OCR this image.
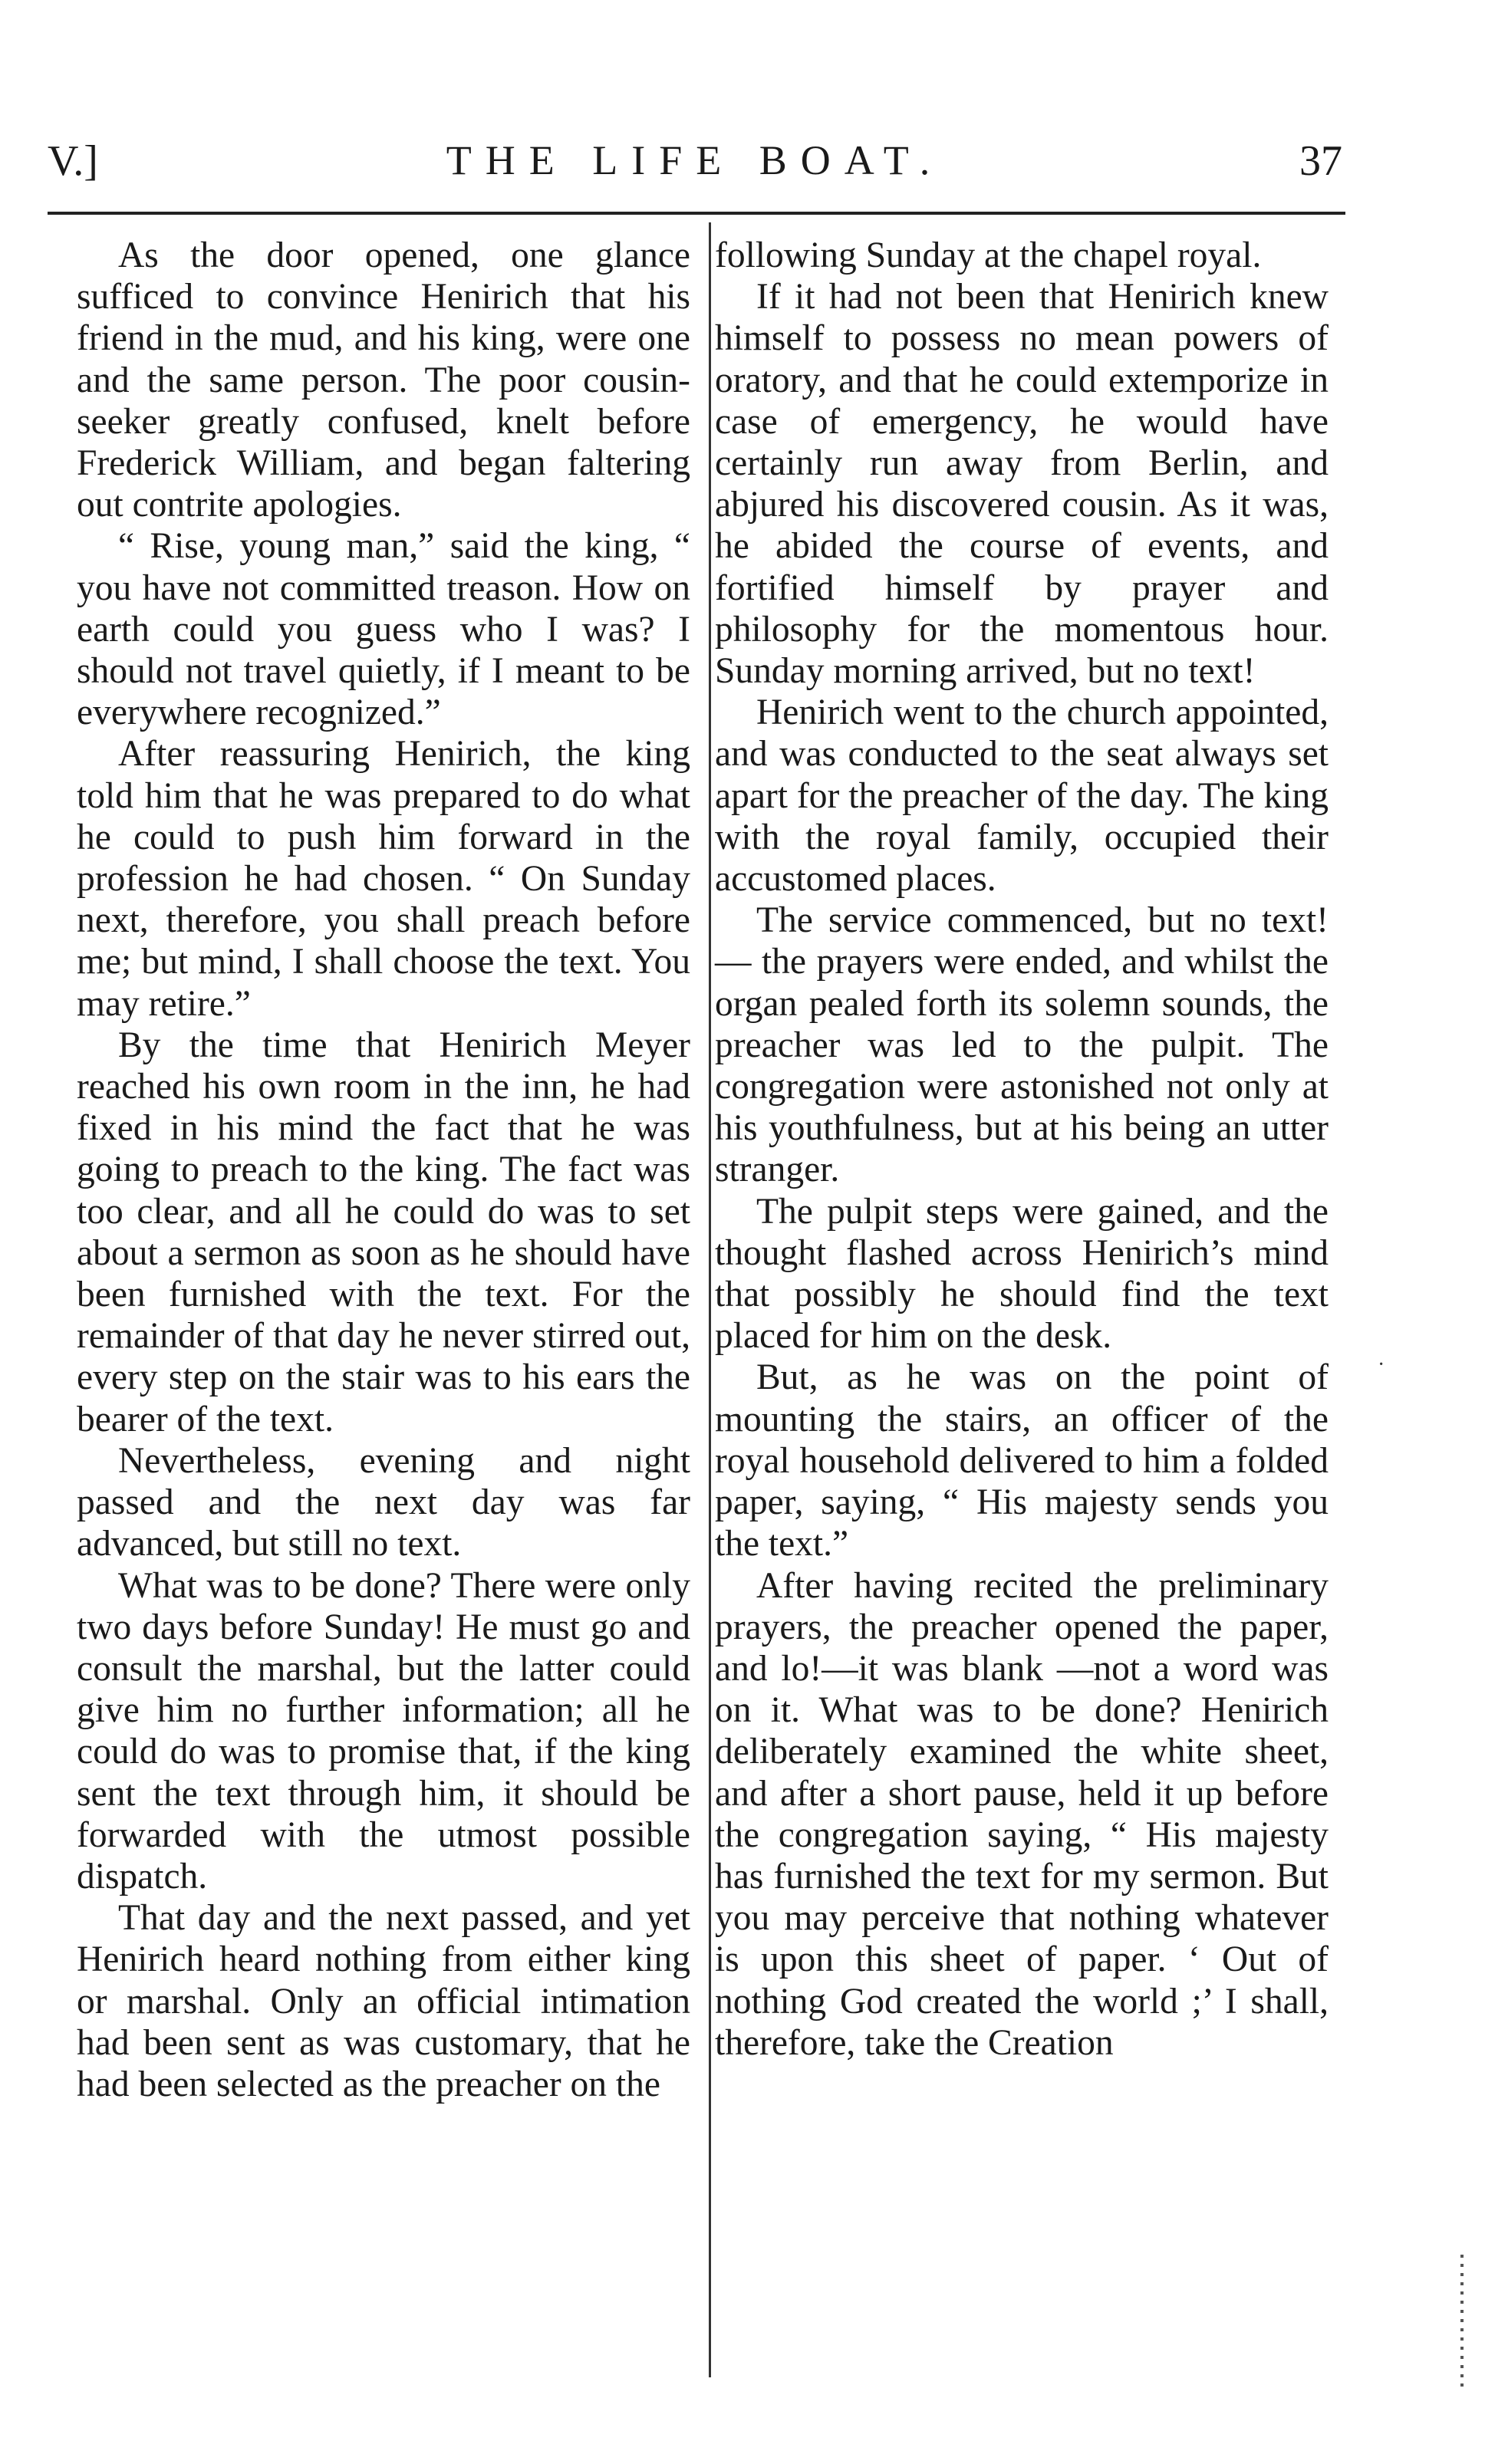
V.]	THE LIFE BOAT.	37

As the door opened, one glance sufficed to convince Henirich that his friend in the mud, and his king, were one and the same person. The poor cousin-seeker greatly confused, knelt before Frederick William, and began faltering out contrite apologies.

“ Rise, young man,” said the king, “ you have not committed treason. How on earth could you guess who I was? I should not travel quietly, if I meant to be everywhere recognized.”

After reassuring Henirich, the king told him that he was prepared to do what he could to push him forward in the profession he had chosen. “ On Sunday next, therefore, you shall preach before me; but mind, I shall choose the text. You may retire.”

By the time that Henirich Meyer reached his own room in the inn, he had fixed in his mind the fact that he was going to preach to the king. The fact was too clear, and all he could do was to set about a sermon as soon as he should have been furnished with the text. For the remainder of that day he never stirred out, every step on the stair was to his ears the bearer of the text.

Nevertheless, evening and night passed and the next day was far advanced, but still no text.

What was to be done? There were only two days before Sunday! He must go and consult the marshal, but the latter could give him no further information; all he could do was to promise that, if the king sent the text through him, it should be forwarded with the utmost possible dispatch.

That day and the next passed, and yet Henirich heard nothing from either king or marshal. Only an official intimation had been sent as was customary, that he had been selected as the preacher on the

following Sunday at the chapel royal.

If it had not been that Henirich knew himself to possess no mean powers of oratory, and that he could extemporize in case of emergency, he would have certainly run away from Berlin, and abjured his discovered cousin. As it was, he abided the course of events, and fortified himself by prayer and philosophy for the momentous hour. Sunday morning arrived, but no text!

Henirich went to the church appointed, and was conducted to the seat always set apart for the preacher of the day. The king with the royal family, occupied their accustomed places.

The service commenced, but no text! — the prayers were ended, and whilst the organ pealed forth its solemn sounds, the preacher was led to the pulpit. The congregation were astonished not only at his youthfulness, but at his being an utter stranger.

The pulpit steps were gained, and the thought flashed across Henirich’s mind that possibly he should find the text placed for him on the desk.

But, as he was on the point of mounting the stairs, an officer of the royal household delivered to him a folded paper, saying, “ His majesty sends you the text.”

After having recited the preliminary prayers, the preacher opened the paper, and lo!—it was blank —not a word was on it. What was to be done? Henirich deliberately examined the white sheet, and after a short pause, held it up before the congregation saying, “ His majesty has furnished the text for my sermon. But you may perceive that nothing whatever is upon this sheet of paper. ‘ Out of nothing God created the world ;’ I shall, therefore, take the Creation

·
